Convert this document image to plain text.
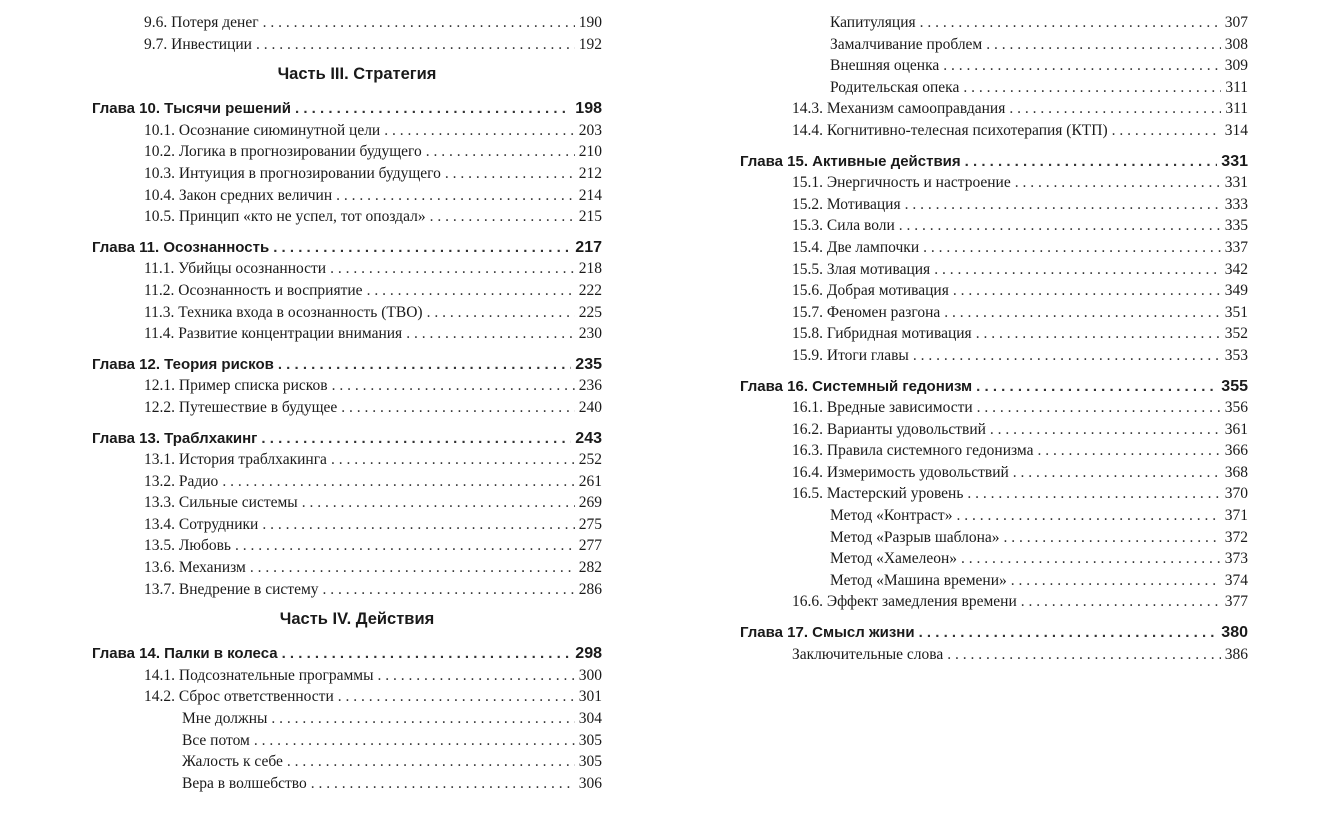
9.6. Потеря денег . . .	190
9.7. Инвестиции . . .	192
Часть III. Стратегия
Глава 10. Тысячи решений . . .	198
10.1. Осознание сиюминутной цели . . .	203
10.2. Логика в прогнозировании будущего . . .	210
10.3. Интуиция в прогнозировании будущего . . .	212
10.4. Закон средних величин . . .	214
10.5. Принцип «кто не успел, тот опоздал» . . .	215
Глава 11. Осознанность . . .	217
11.1. Убийцы осознанности . . .	218
11.2. Осознанность и восприятие . . .	222
11.3. Техника входа в осознанность (ТВО) . . .	225
11.4. Развитие концентрации внимания . . .	230
Глава 12. Теория рисков . . .	235
12.1. Пример списка рисков . . .	236
12.2. Путешествие в будущее . . .	240
Глава 13. Траблхакинг . . .	243
13.1. История траблхакинга . . .	252
13.2. Радио . . .	261
13.3. Сильные системы . . .	269
13.4. Сотрудники . . .	275
13.5. Любовь . . .	277
13.6. Механизм . . .	282
13.7. Внедрение в систему . . .	286
Часть IV. Действия
Глава 14. Палки в колеса . . .	298
14.1. Подсознательные программы . . .	300
14.2. Сброс ответственности . . .	301
Мне должны . . .	304
Все потом . . .	305
Жалость к себе . . .	305
Вера в волшебство . . .	306
Капитуляция . . .	307
Замалчивание проблем . . .	308
Внешняя оценка . . .	309
Родительская опека . . .	311
14.3. Механизм самооправдания . . .	311
14.4. Когнитивно-телесная психотерапия (КТП) . . .	314
Глава 15. Активные действия . . .	331
15.1. Энергичность и настроение . . .	331
15.2. Мотивация . . .	333
15.3. Сила воли . . .	335
15.4. Две лампочки . . .	337
15.5. Злая мотивация . . .	342
15.6. Добрая мотивация . . .	349
15.7. Феномен разгона . . .	351
15.8. Гибридная мотивация . . .	352
15.9. Итоги главы . . .	353
Глава 16. Системный гедонизм . . .	355
16.1. Вредные зависимости . . .	356
16.2. Варианты удовольствий . . .	361
16.3. Правила системного гедонизма . . .	366
16.4. Измеримость удовольствий . . .	368
16.5. Мастерский уровень . . .	370
Метод «Контраст» . . .	371
Метод «Разрыв шаблона» . . .	372
Метод «Хамелеон» . . .	373
Метод «Машина времени» . . .	374
16.6. Эффект замедления времени . . .	377
Глава 17. Смысл жизни . . .	380
Заключительные слова . . .	386
